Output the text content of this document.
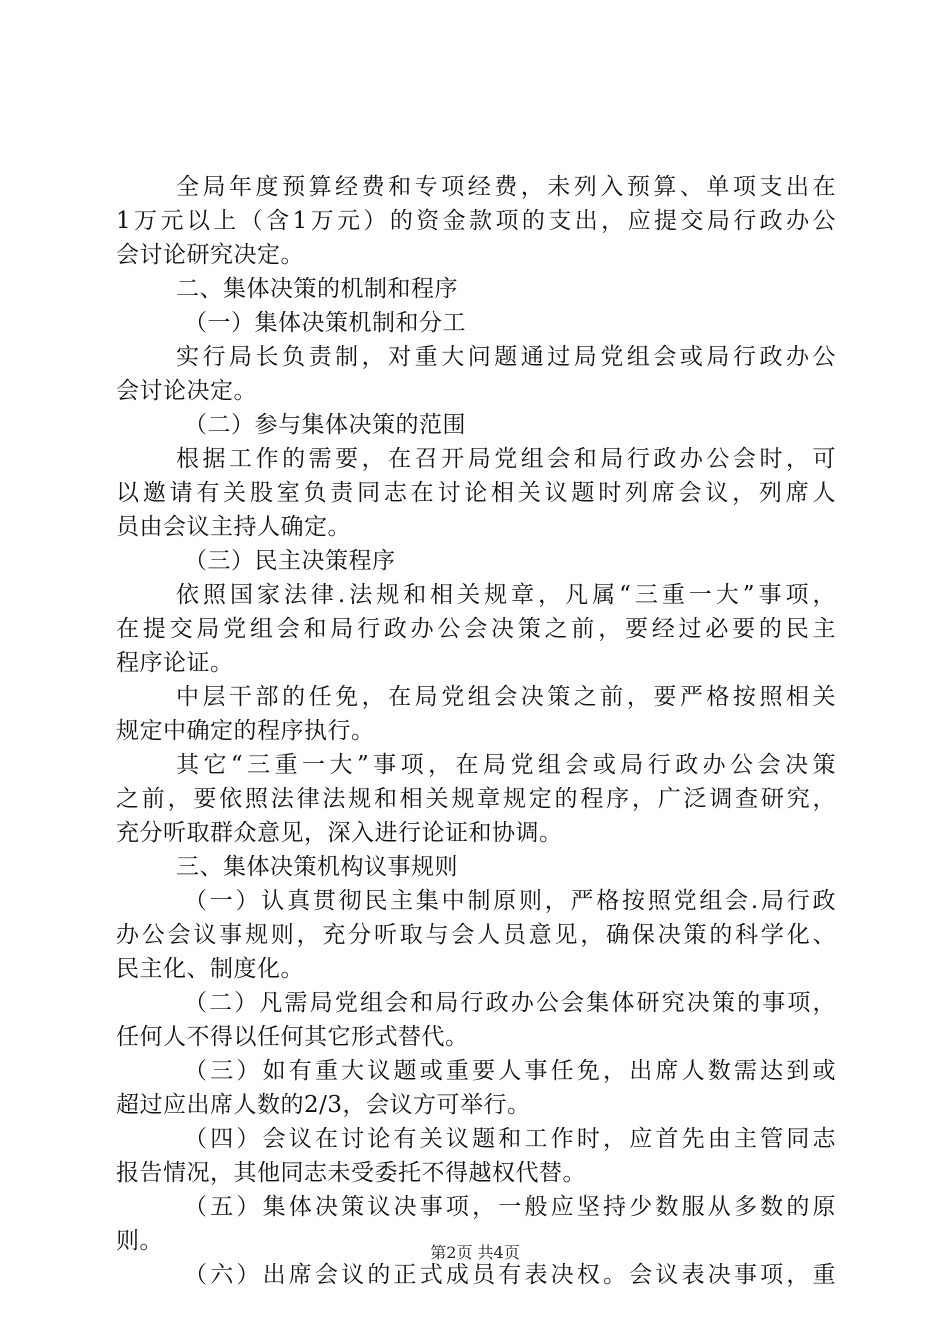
全局年度预算经费和专项经费，未列入预算、单项支出在
1万元以上（含1万元）的资金款项的支出，应提交局行政办公
会讨论研究决定。
二、集体决策的机制和程序
（一）集体决策机制和分工
实行局长负责制，对重大问题通过局党组会或局行政办公
会讨论决定。
（二）参与集体决策的范围
根据工作的需要，在召开局党组会和局行政办公会时，可
以邀请有关股室负责同志在讨论相关议题时列席会议，列席人
员由会议主持人确定。
（三）民主决策程序
依照国家法律.法规和相关规章，凡属“三重一大”事项，
在提交局党组会和局行政办公会决策之前，要经过必要的民主
程序论证。
中层干部的任免，在局党组会决策之前，要严格按照相关
规定中确定的程序执行。
其它“三重一大”事项，在局党组会或局行政办公会决策
之前，要依照法律法规和相关规章规定的程序，广泛调查研究，
充分听取群众意见，深入进行论证和协调。
三、集体决策机构议事规则
（一）认真贯彻民主集中制原则，严格按照党组会.局行政
办公会议事规则，充分听取与会人员意见，确保决策的科学化、
民主化、制度化。
（二）凡需局党组会和局行政办公会集体研究决策的事项，
任何人不得以任何其它形式替代。
（三）如有重大议题或重要人事任免，出席人数需达到或
超过应出席人数的2/3，会议方可举行。
（四）会议在讨论有关议题和工作时，应首先由主管同志
报告情况，其他同志未受委托不得越权代替。
（五）集体决策议决事项，一般应坚持少数服从多数的原
则。
（六）出席会议的正式成员有表决权。会议表决事项，重
第2页 共4页
